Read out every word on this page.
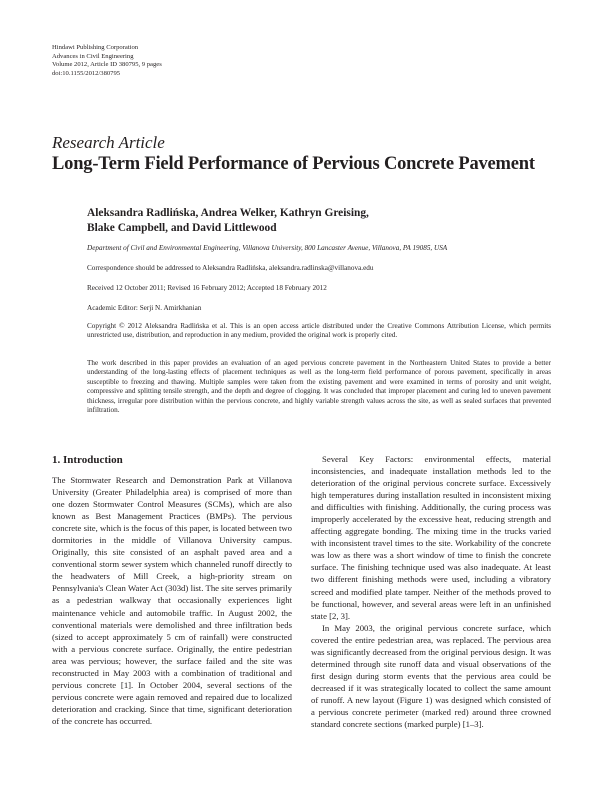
Hindawi Publishing Corporation
Advances in Civil Engineering
Volume 2012, Article ID 380795, 9 pages
doi:10.1155/2012/380795
Research Article
Long-Term Field Performance of Pervious Concrete Pavement
Aleksandra Radlińska, Andrea Welker, Kathryn Greising,
Blake Campbell, and David Littlewood
Department of Civil and Environmental Engineering, Villanova University, 800 Lancaster Avenue, Villanova, PA 19085, USA
Correspondence should be addressed to Aleksandra Radlińska, aleksandra.radlinska@villanova.edu
Received 12 October 2011; Revised 16 February 2012; Accepted 18 February 2012
Academic Editor: Serji N. Amirkhanian
Copyright © 2012 Aleksandra Radlińska et al. This is an open access article distributed under the Creative Commons Attribution License, which permits unrestricted use, distribution, and reproduction in any medium, provided the original work is properly cited.
The work described in this paper provides an evaluation of an aged pervious concrete pavement in the Northeastern United States to provide a better understanding of the long-lasting effects of placement techniques as well as the long-term field performance of porous pavement, specifically in areas susceptible to freezing and thawing. Multiple samples were taken from the existing pavement and were examined in terms of porosity and unit weight, compressive and splitting tensile strength, and the depth and degree of clogging. It was concluded that improper placement and curing led to uneven pavement thickness, irregular pore distribution within the pervious concrete, and highly variable strength values across the site, as well as sealed surfaces that prevented infiltration.

1. Introduction

The Stormwater Research and Demonstration Park at Villanova University (Greater Philadelphia area) is comprised of more than one dozen Stormwater Control Measures (SCMs), which are also known as Best Management Practices (BMPs). The pervious concrete site, which is the focus of this paper, is located between two dormitories in the middle of Villanova University campus. Originally, this site consisted of an asphalt paved area and a conventional storm sewer system which channeled runoff directly to the headwaters of Mill Creek, a high-priority stream on Pennsylvania's Clean Water Act (303d) list. The site serves primarily as a pedestrian walkway that occasionally experiences light maintenance vehicle and automobile traffic. In August 2002, the conventional materials were demolished and three infiltration beds (sized to accept approximately 5 cm of rainfall) were constructed with a pervious concrete surface. Originally, the entire pedestrian area was pervious; however, the surface failed and the site was reconstructed in May 2003 with a combination of traditional and pervious concrete [1]. In October 2004, several sections of the pervious concrete were again removed and repaired due to localized deterioration and cracking. Since that time, significant deterioration of the concrete has occurred.

Several Key Factors: environmental effects, material inconsistencies, and inadequate installation methods led to the deterioration of the original pervious concrete surface. Excessively high temperatures during installation resulted in inconsistent mixing and difficulties with finishing. Additionally, the curing process was improperly accelerated by the excessive heat, reducing strength and affecting aggregate bonding. The mixing time in the trucks varied with inconsistent travel times to the site. Workability of the concrete was low as there was a short window of time to finish the concrete surface. The finishing technique used was also inadequate. At least two different finishing methods were used, including a vibratory screed and modified plate tamper. Neither of the methods proved to be functional, however, and several areas were left in an unfinished state [2, 3].

In May 2003, the original pervious concrete surface, which covered the entire pedestrian area, was replaced. The pervious area was significantly decreased from the original pervious design. It was determined through site runoff data and visual observations of the first design during storm events that the pervious area could be decreased if it was strategically located to collect the same amount of runoff. A new layout (Figure 1) was designed which consisted of a pervious concrete perimeter (marked red) around three crowned standard concrete sections (marked purple) [1–3].
